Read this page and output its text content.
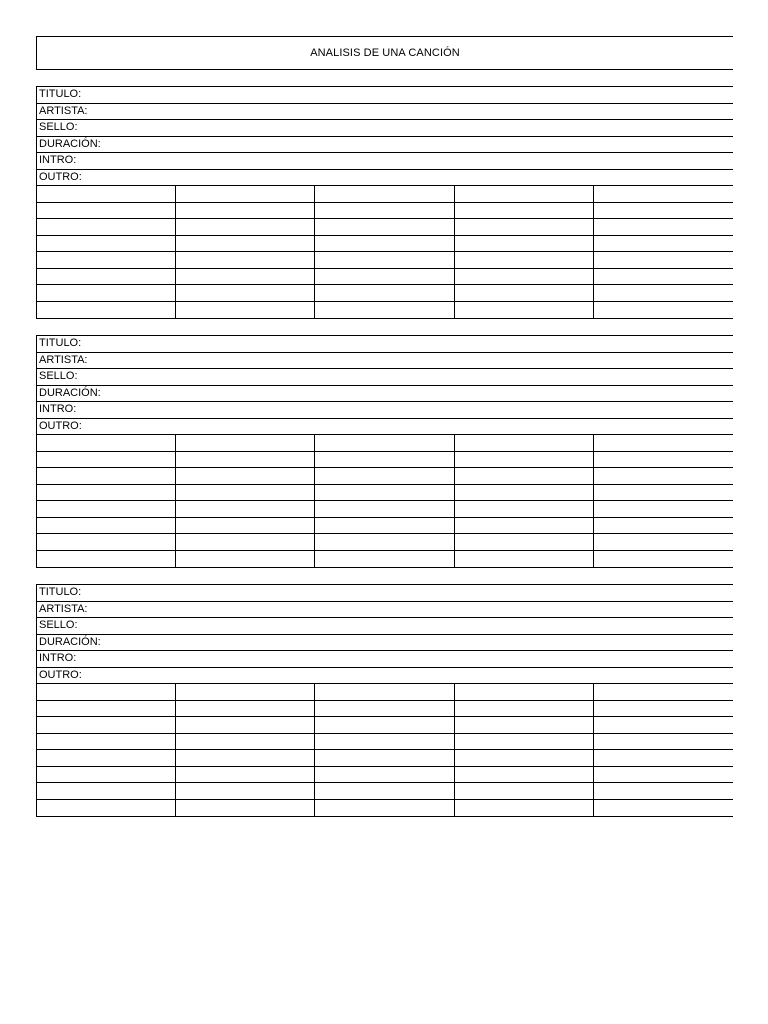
ANALISIS DE UNA CANCIÓN
TITULO:
ARTISTA:
SELLO:
DURACIÓN:
INTRO:
OUTRO:
TITULO:
ARTISTA:
SELLO:
DURACIÓN:
INTRO:
OUTRO:
TITULO:
ARTISTA:
SELLO:
DURACIÓN:
INTRO:
OUTRO:
